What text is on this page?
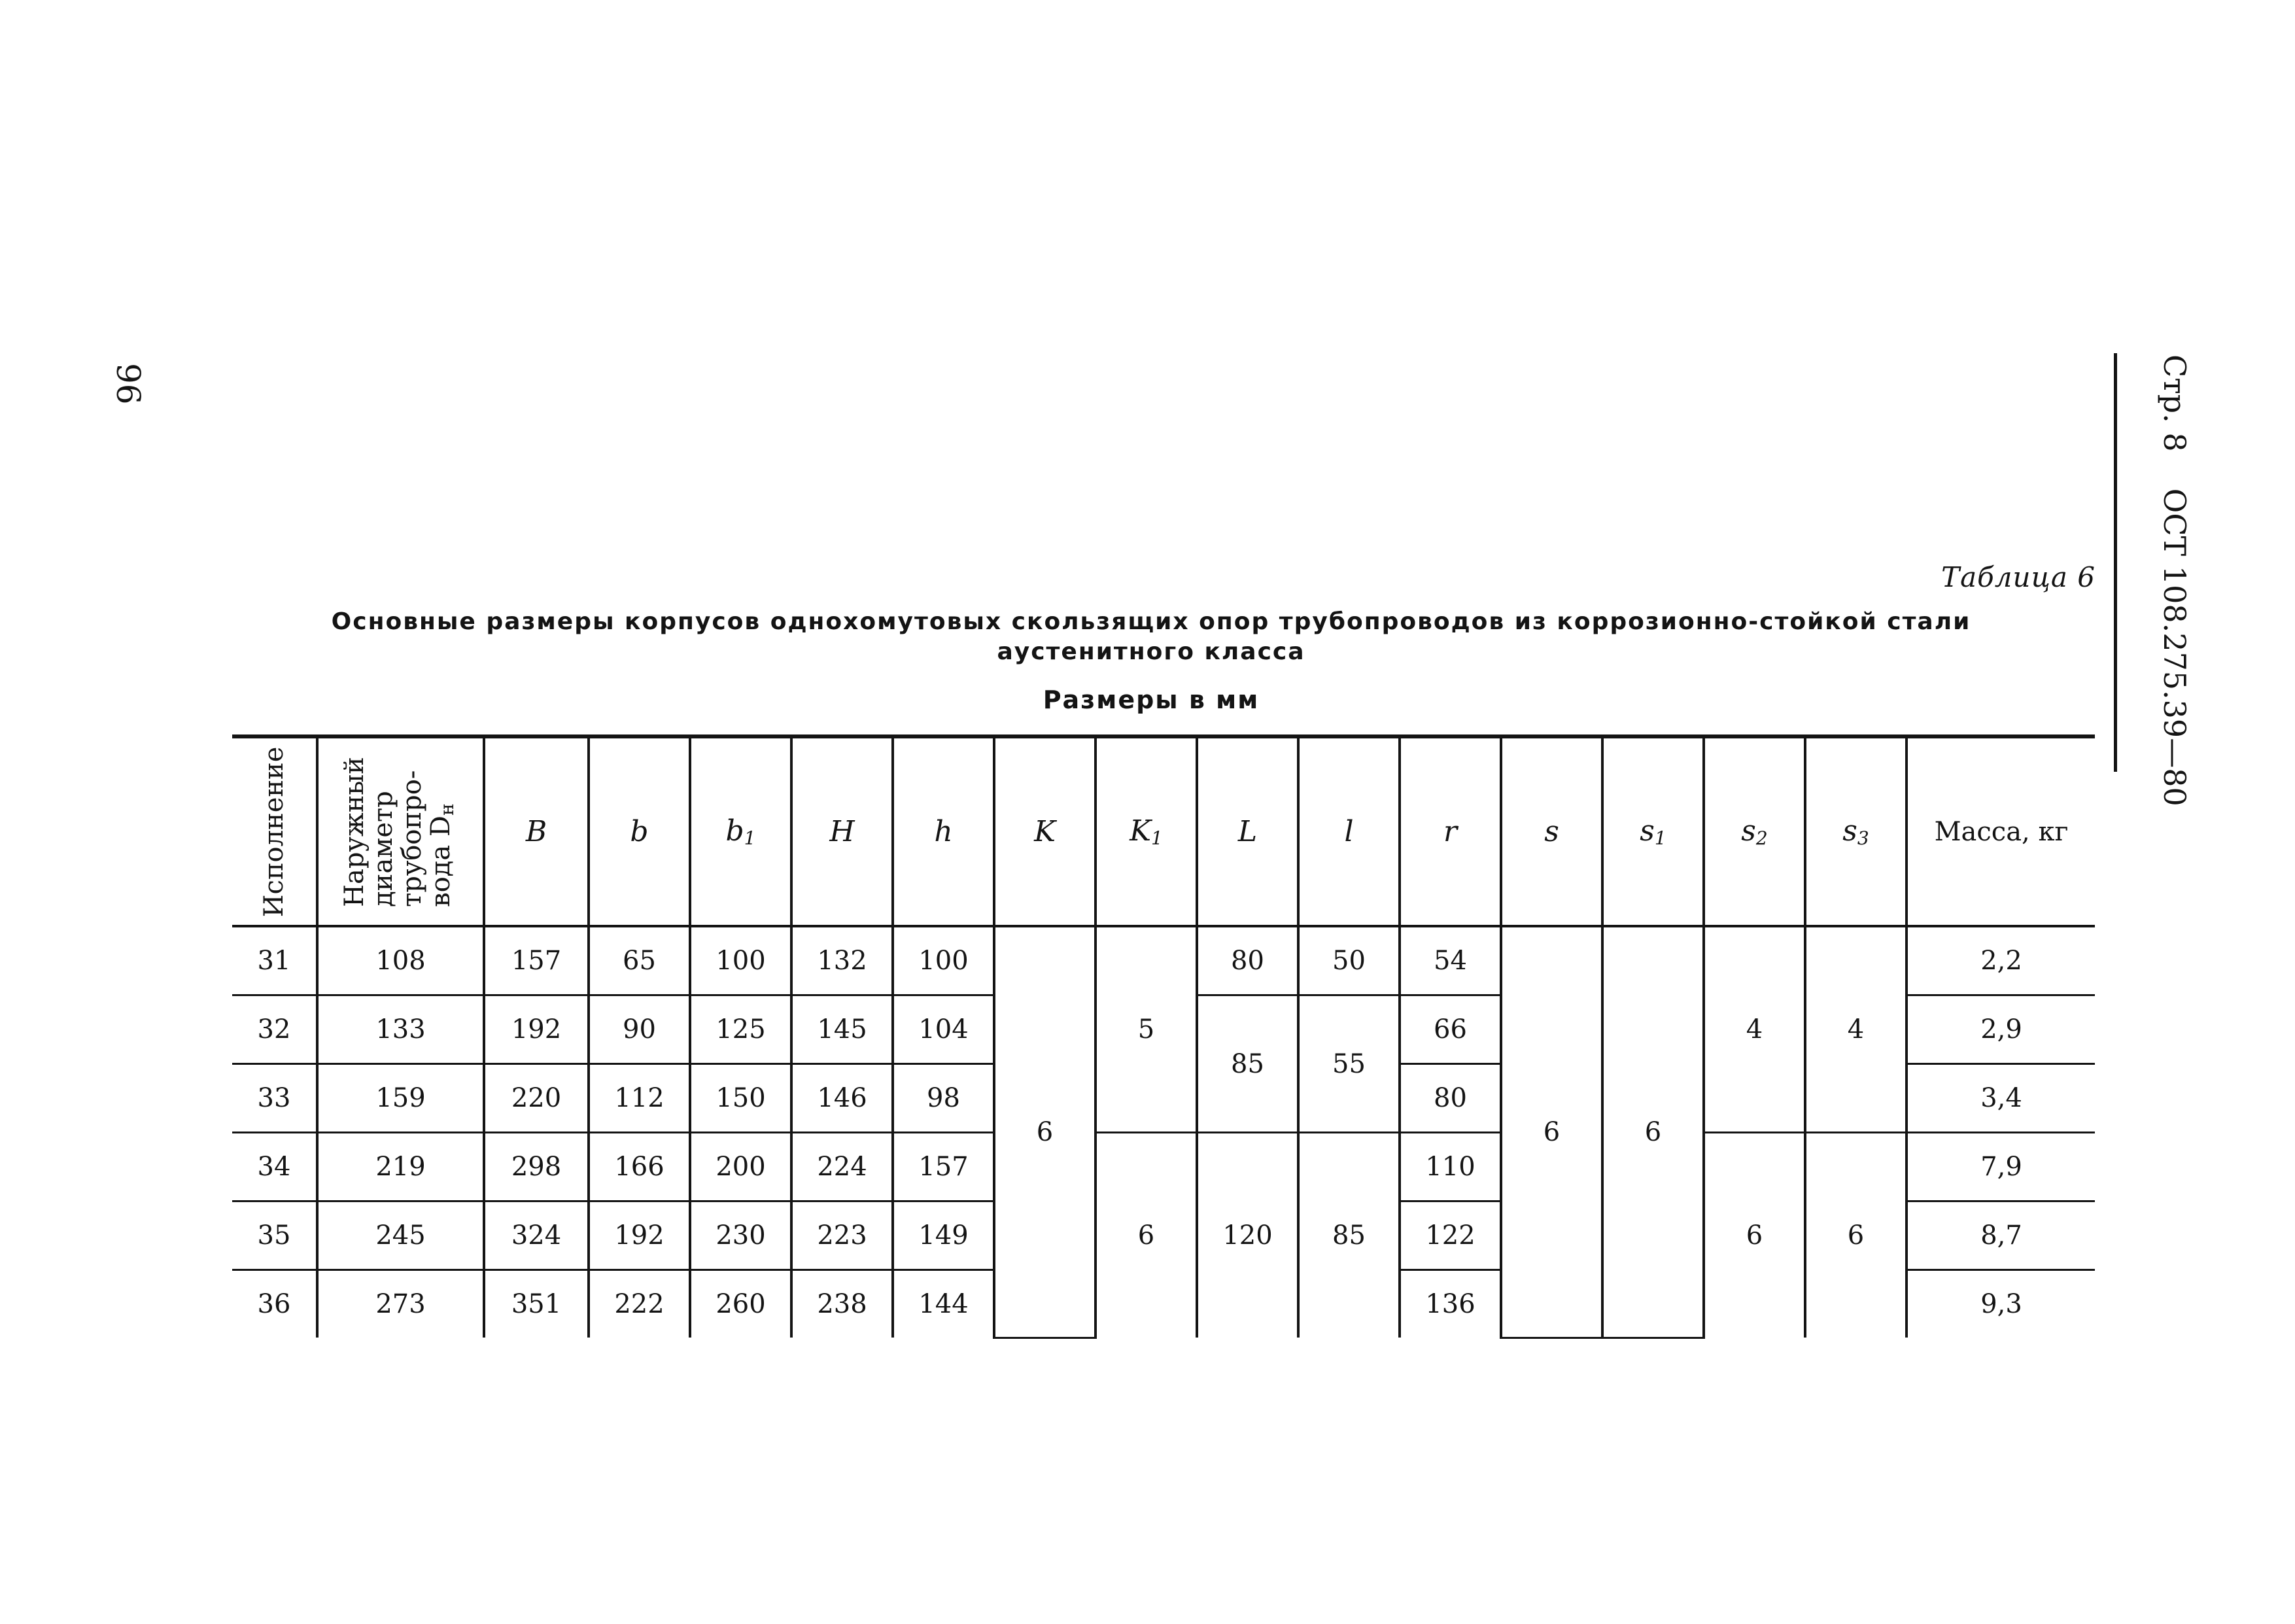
96	Стр. 8
ОСТ 108.275.39—80
Таблица 6
Основные размеры корпусов однохомутовых скользящих опор трубопроводов из коррозионно-стойкой стали
аустенитного класса
Размеры в мм
Исполнение	Наружный
диаметр
трубопро-
вода $D_н$	B	b	$b_1$	H	h	K	$K_1$	L	l	r	s	$s_1$	$s_2$	$s_3$	Масса, кг
31	108	157	65	100	132	100	6	5	80	50	54	6	6	4	4	2,2
32	133	192	90	125	145	104			85	55	66					2,9
33	159	220	112	150	146	98					80					3,4
34	219	298	166	200	224	157		6	120	85	110			6	6	7,9
35	245	324	192	230	223	149					122					8,7
36	273	351	222	260	238	144					136					9,3
